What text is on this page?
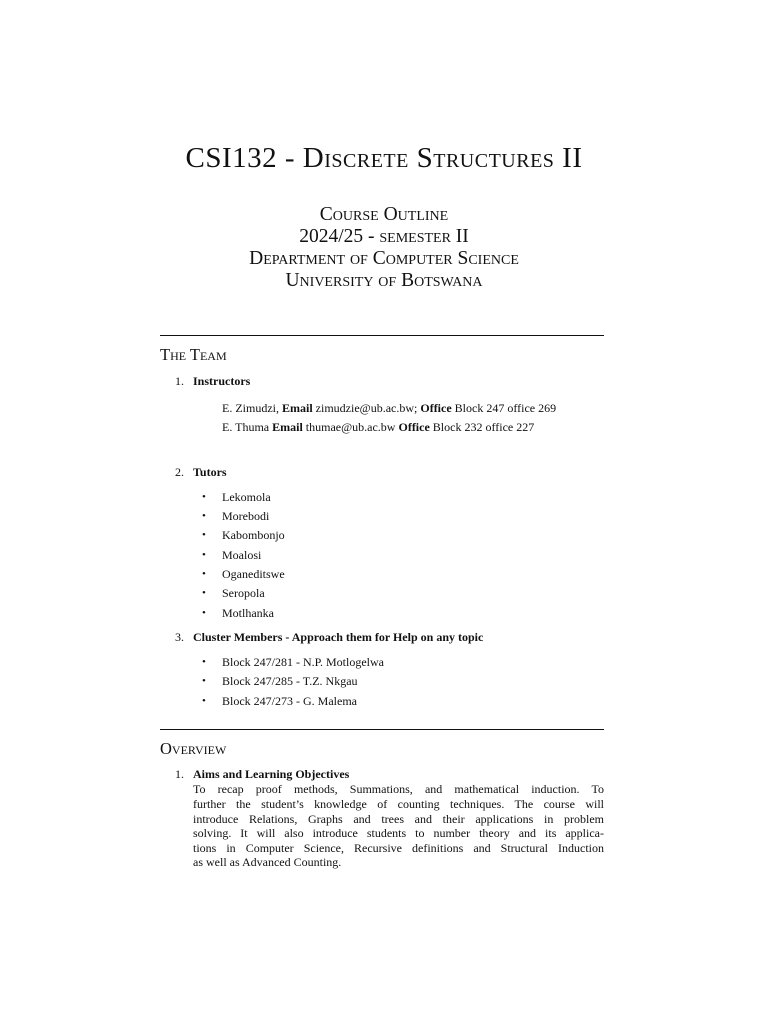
CSI132 - Discrete Structures II
Course Outline
2024/25 - semester II
Department of Computer Science
University of Botswana
The Team
1. Instructors
E. Zimudzi, Email zimudzie@ub.ac.bw; Office Block 247 office 269
E. Thuma Email thumae@ub.ac.bw Office Block 232 office 227
2. Tutors
• Lekomola
• Morebodi
• Kabombonjo
• Moalosi
• Oganeditswe
• Seropola
• Motlhanka
3. Cluster Members - Approach them for Help on any topic
• Block 247/281 - N.P. Motlogelwa
• Block 247/285 - T.Z. Nkgau
• Block 247/273 - G. Malema
Overview
1. Aims and Learning Objectives
To recap proof methods, Summations, and mathematical induction. To
further the student’s knowledge of counting techniques. The course will
introduce Relations, Graphs and trees and their applications in problem
solving. It will also introduce students to number theory and its applica-
tions in Computer Science, Recursive definitions and Structural Induction
as well as Advanced Counting.
